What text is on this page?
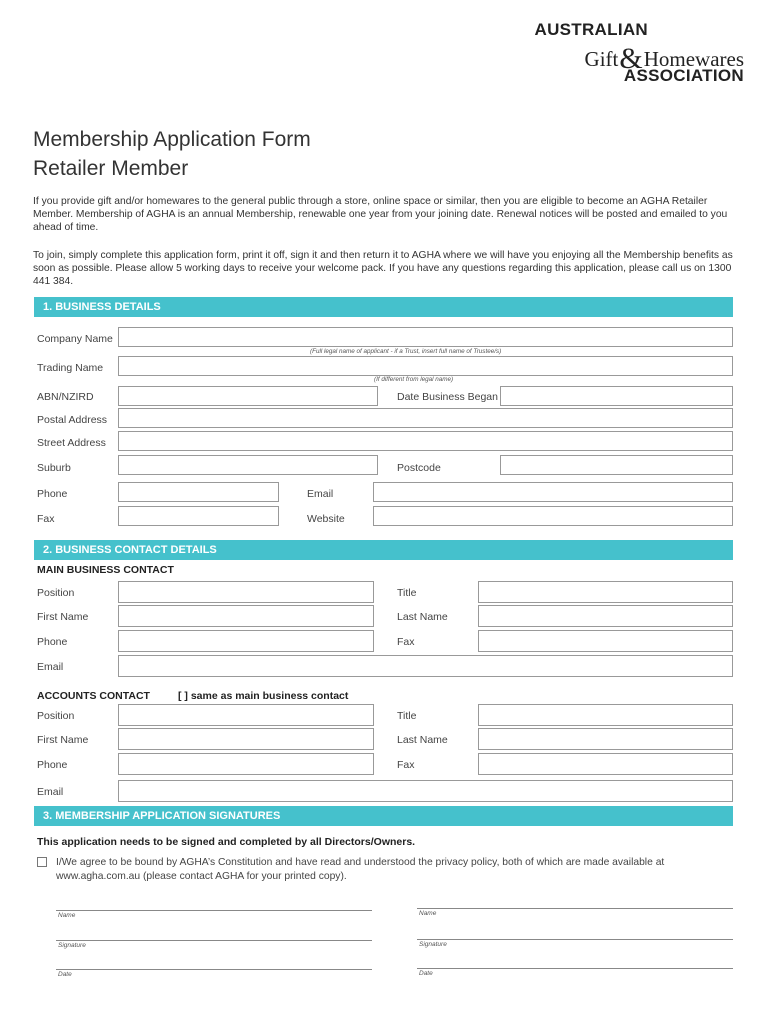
AUSTRALIAN
Gift&Homewares
ASSOCIATION
Membership Application Form
Retailer Member

If you provide gift and/or homewares to the general public through a store, online space or similar, then you are eligible to become an AGHA Retailer Member. Membership of AGHA is an annual Membership, renewable one year from your joining date. Renewal notices will be posted and emailed to you ahead of time.

To join, simply complete this application form, print it off, sign it and then return it to AGHA where we will have you enjoying all the Membership benefits as soon as possible. Please allow 5 working days to receive your welcome pack. If you have any questions regarding this application, please call us on 1300 441 384.

1. BUSINESS DETAILS
Company Name
(Full legal name of applicant - if a Trust, insert full name of Trustee/s)
Trading Name
(If different from legal name)
ABN/NZIRD	Date Business Began
Postal Address
Street Address
Suburb	Postcode
Phone	Email
Fax	Website
2. BUSINESS CONTACT DETAILS
MAIN BUSINESS CONTACT
Position	Title
First Name	Last Name
Phone	Fax
Email
ACCOUNTS CONTACT	[ ] same as main business contact
Position	Title
First Name	Last Name
Phone	Fax
Email
3. MEMBERSHIP APPLICATION SIGNATURES
This application needs to be signed and completed by all Directors/Owners.
I/We agree to be bound by AGHA’s Constitution and have read and understood the privacy policy, both of which are made available at
www.agha.com.au (please contact AGHA for your printed copy).
Name
Signature
Date
Name
Signature
Date
